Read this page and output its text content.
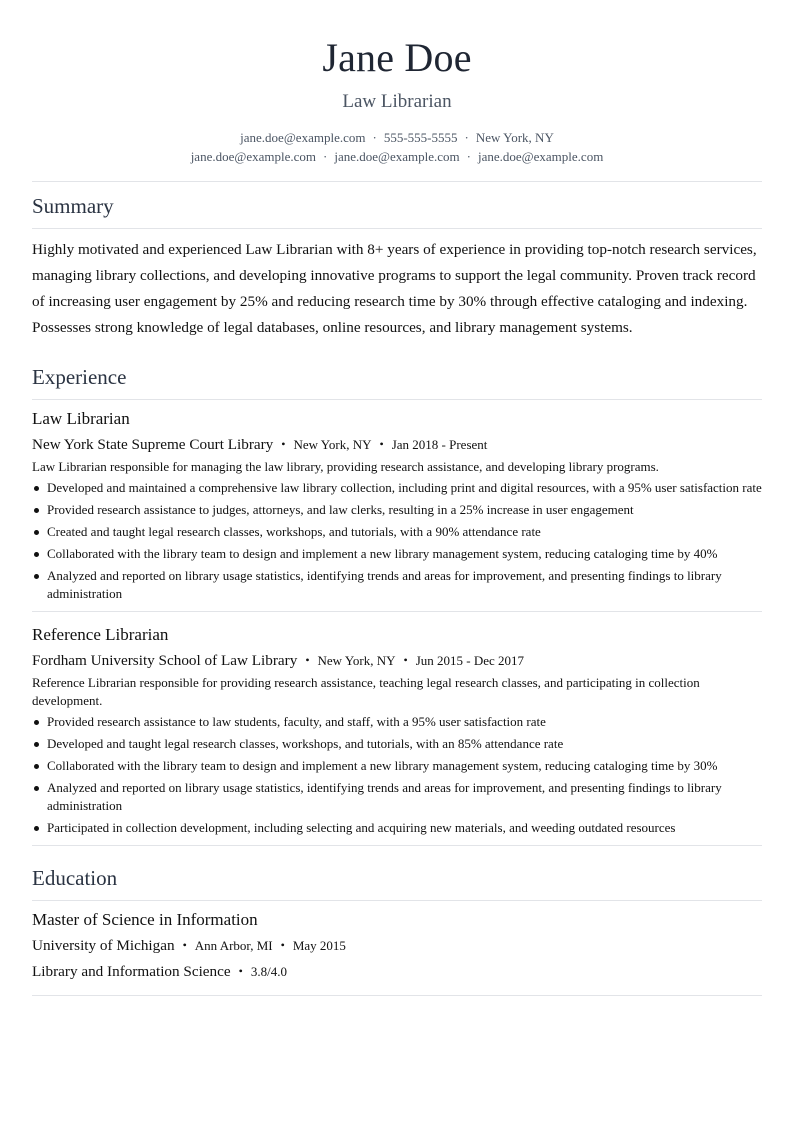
Jane Doe
Law Librarian
jane.doe@example.com · 555-555-5555 · New York, NY
jane.doe@example.com · jane.doe@example.com · jane.doe@example.com
Summary
Highly motivated and experienced Law Librarian with 8+ years of experience in providing top-notch research services, managing library collections, and developing innovative programs to support the legal community. Proven track record of increasing user engagement by 25% and reducing research time by 30% through effective cataloging and indexing. Possesses strong knowledge of legal databases, online resources, and library management systems.
Experience
Law Librarian
New York State Supreme Court Library • New York, NY • Jan 2018 - Present
Law Librarian responsible for managing the law library, providing research assistance, and developing library programs.
Developed and maintained a comprehensive law library collection, including print and digital resources, with a 95% user satisfaction rate
Provided research assistance to judges, attorneys, and law clerks, resulting in a 25% increase in user engagement
Created and taught legal research classes, workshops, and tutorials, with a 90% attendance rate
Collaborated with the library team to design and implement a new library management system, reducing cataloging time by 40%
Analyzed and reported on library usage statistics, identifying trends and areas for improvement, and presenting findings to library administration
Reference Librarian
Fordham University School of Law Library • New York, NY • Jun 2015 - Dec 2017
Reference Librarian responsible for providing research assistance, teaching legal research classes, and participating in collection development.
Provided research assistance to law students, faculty, and staff, with a 95% user satisfaction rate
Developed and taught legal research classes, workshops, and tutorials, with an 85% attendance rate
Collaborated with the library team to design and implement a new library management system, reducing cataloging time by 30%
Analyzed and reported on library usage statistics, identifying trends and areas for improvement, and presenting findings to library administration
Participated in collection development, including selecting and acquiring new materials, and weeding outdated resources
Education
Master of Science in Information
University of Michigan • Ann Arbor, MI • May 2015
Library and Information Science • 3.8/4.0
